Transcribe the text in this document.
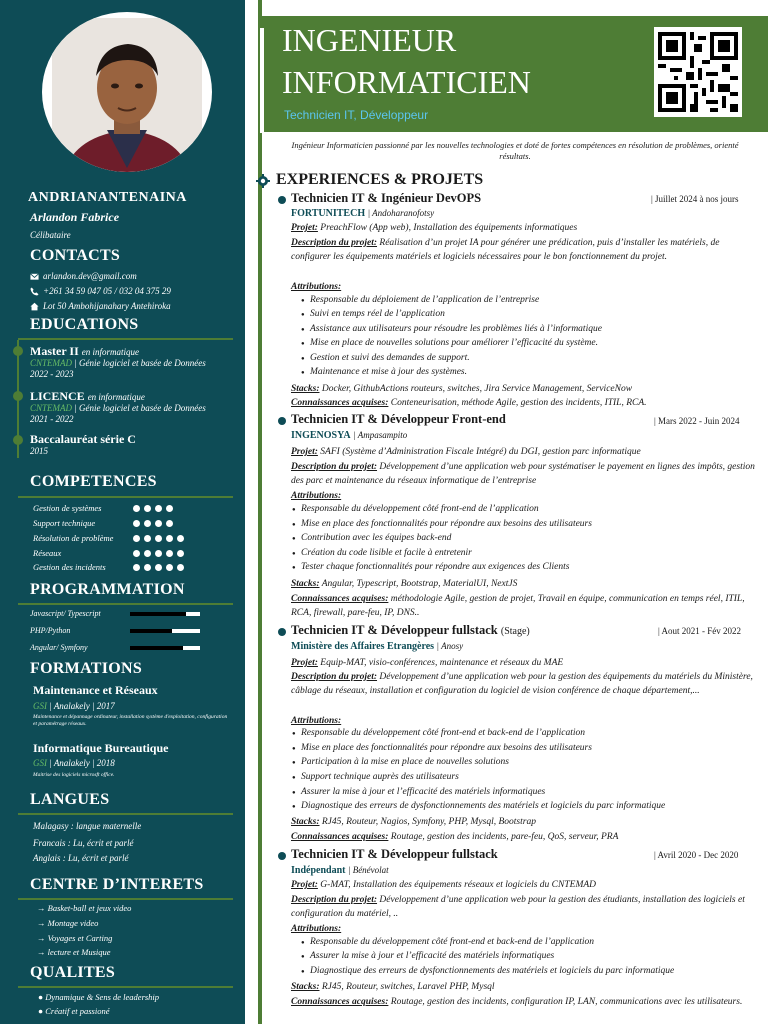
ANDRIANANTENAINA
Arlandon Fabrice
Célibataire
CONTACTS
arlandon.dev@gmail.com
+261 34 59 047 05 / 032 04 375 29
Lot 50 Ambohijanahary Antehiroka
EDUCATIONS
Master II en informatique
CNTEMAD | Génie logiciel et basée de Données
2022 - 2023
LICENCE en informatique
CNTEMAD | Génie logiciel et basée de Données
2021 - 2022
Baccalauréat série C
2015
COMPETENCES
Gestion de systèmes
Support technique
Résolution de problème
Réseaux
Gestion des incidents
PROGRAMMATION
Javascript/ Typescript
PHP/Python
Angular/ Symfony
FORMATIONS
Maintenance et Réseaux
GSI | Analakely | 2017
Maintenance et dépannage ordinateur, installation système d'exploitation, configuration et paramétrage réseaux.
Informatique Bureautique
GSI | Analakely | 2018
Maitrise des logiciels microsft office.
LANGUES
Malagasy : langue maternelle
Francais : Lu, écrit et parlé
Anglais : Lu, écrit et parlé
CENTRE D’INTERETS
→ Basket-ball et jeux video
→ Montage video
→ Voyages et Carting
→ lecture et Musique
QUALITES
● Dynamique & Sens de leadership
● Créatif et passioné
INGENIEUR
INFORMATICIEN
Technicien IT, Développeur
Ingénieur Informaticien passionné par les nouvelles technologies et doté de fortes compétences en résolution de problèmes, orienté résultats.
EXPERIENCES & PROJETS
Technicien IT & Ingénieur DevOPS	| Juillet 2024 à nos jours
FORTUNITECH | Andoharanofotsy
Projet: PreachFlow (App web), Installation des équipements informatiques
Description du projet: Réalisation d’un projet IA pour générer une prédication, puis d’installer les matériels, de configurer les équipements matériels et logiciels nécessaires pour le bon fonctionnement du projet.
Attributions:
● Responsable du déploiement de l’application de l’entreprise
● Suivi en temps réel de l’application
● Assistance aux utilisateurs pour résoudre les problèmes liés à l’informatique
● Mise en place de nouvelles solutions pour améliorer l’efficacité du système.
● Gestion et suivi des demandes de support.
● Maintenance et mise à jour des systèmes.
Stacks: Docker, GithubActions routeurs, switches, Jira Service Management, ServiceNow
Connaissances acquises: Conteneurisation, méthode Agile, gestion des incidents, ITIL, RCA.
Technicien IT & Développeur Front-end	| Mars 2022 - Juin 2024
INGENOSYA | Ampasampito
Projet: SAFI (Système d’Administration Fiscale Intégré) du DGI, gestion parc informatique
Description du projet: Développement d’une application web pour systématiser le payement en lignes des impôts, gestion des parc et maintenance du réseaux informatique de l’entreprise
Attributions:
● Responsable du développement côté front-end de l’application
● Mise en place des fonctionnalités pour répondre aux besoins des utilisateurs
● Contribution avec les équipes back-end
● Création du code lisible et facile à entretenir
● Tester chaque fonctionnalités pour répondre aux exigences des Clients
Stacks: Angular, Typescript, Bootstrap, MaterialUI, NextJS
Connaissances acquises: méthodologie Agile, gestion de projet, Travail en équipe, communication en temps réel, ITIL, RCA, firewall, pare-feu, IP, DNS..
Technicien IT & Développeur fullstack (Stage)	| Aout 2021 - Fév 2022
Ministère des Affaires Etrangères | Anosy
Projet: Equip-MAT, visio-conférences, maintenance et réseaux du MAE
Description du projet: Développement d’une application web pour la gestion des équipements du matériels du Ministère, câblage du réseaux, installation et configuration du logiciel de vision conférence de chaque département,...
Attributions:
● Responsable du développement côté front-end et back-end de l’application
● Mise en place des fonctionnalités pour répondre aux besoins des utilisateurs
● Participation à la mise en place de nouvelles solutions
● Support technique auprès des utilisateurs
● Assurer la mise à jour et l’efficacité des matériels informatiques
● Diagnostique des erreurs de dysfonctionnements des matériels et logiciels du parc informatique
Stacks: RJ45, Routeur, Nagios, Symfony, PHP, Mysql, Bootstrap
Connaissances acquises: Routage, gestion des incidents, pare-feu, QoS, serveur, PRA
Technicien IT & Développeur fullstack	| Avril 2020 - Dec 2020
Indépendant | Bénévolat
Projet: G-MAT, Installation des équipements réseaux et logiciels du CNTEMAD
Description du projet: Développement d’une application web pour la gestion des étudiants, installation des logiciels et configuration du matériel, ..
Attributions:
● Responsable du développement côté front-end et back-end de l’application
● Assurer la mise à jour et l’efficacité des matériels informatiques
● Diagnostique des erreurs de dysfonctionnements des matériels et logiciels du parc informatique
Stacks: RJ45, Routeur, switches, Laravel PHP, Mysql
Connaissances acquises: Routage, gestion des incidents, configuration IP, LAN, communications avec les utilisateurs.
